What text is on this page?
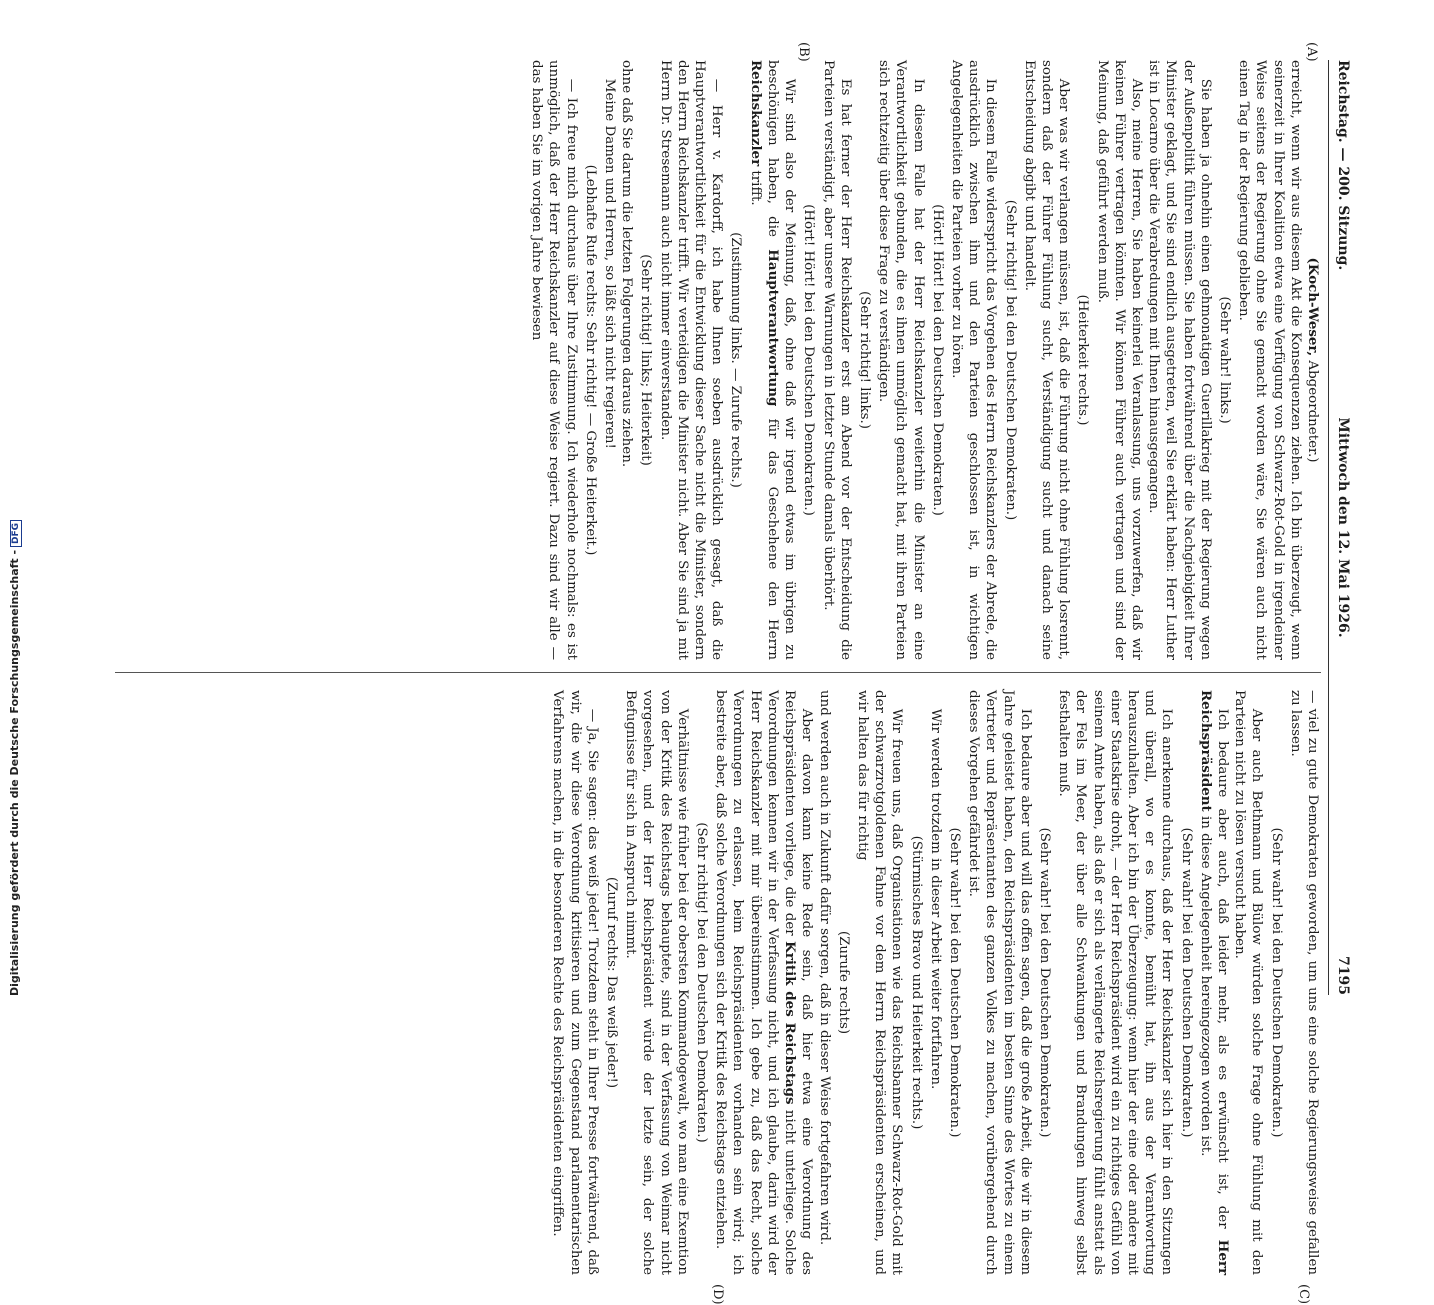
Reichstag. — 200. Sitzung.
Mittwoch den 12. Mai 1926.
7195
(A)
(B)
(C)
(D)

(Koch-Weser, Abgeordneter.)

erreicht, wenn wir aus diesem Akt die Konsequenzen ziehen. Ich bin überzeugt, wenn seinerzeit in Ihrer Koalition etwa eine Verfügung von Schwarz-Rot-Gold in irgendeiner Weise seitens der Regierung ohne Sie gemacht worden wäre, Sie wären auch nicht einen Tag in der Regierung geblieben.

(Sehr wahr! links.)

Sie haben ja ohnehin einen gehmonatigen Guerillakrieg mit der Regierung wegen der Außenpolitik führen müssen. Sie haben fortwährend über die Nachgiebigkeit Ihrer Minister geklagt, und Sie sind endlich ausgetreten, weil Sie erklärt haben: Herr Luther ist in Locarno über die Verabredungen mit Ihnen hinausgegangen.

Also, meine Herren, Sie haben keinerlei Veranlassung, uns vorzuwerfen, daß wir keinen Führer vertragen könnten. Wir können Führer auch vertragen und sind der Meinung, daß geführt werden muß.

(Heiterkeit rechts.)

Aber was wir verlangen müssen, ist, daß die Führung nicht ohne Fühlung losrennt, sondern daß der Führer Fühlung sucht, Verständigung sucht und danach seine Entscheidung abgibt und handelt.

(Sehr richtig! bei den Deutschen Demokraten.)

In diesem Falle widerspricht das Vorgehen des Herrn Reichskanzlers der Abrede, die ausdrücklich zwischen ihm und den Parteien geschlossen ist, in wichtigen Angelegenheiten die Parteien vorher zu hören.

(Hört! Hört! bei den Deutschen Demokraten.)

In diesem Falle hat der Herr Reichskanzler weiterhin die Minister an eine Verantwortlichkeit gebunden, die es ihnen unmöglich gemacht hat, mit ihren Parteien sich rechtzeitig über diese Frage zu verständigen.

(Sehr richtig! links.)

Es hat ferner der Herr Reichskanzler erst am Abend vor der Entscheidung die Parteien verständigt, aber unsere Warnungen in letzter Stunde damals überhört.

(Hört! Hört! bei den Deutschen Demokraten.)

Wir sind also der Meinung, daß, ohne daß wir irgend etwas im übrigen zu beschönigen haben, die Hauptverantwortung für das Geschehene den Herrn Reichskanzler trifft.

(Zustimmung links. — Zurufe rechts.)

— Herr v. Kardorff, ich habe Ihnen soeben ausdrücklich gesagt, daß die Hauptverantwortlichkeit für die Entwicklung dieser Sache nicht die Minister, sondern den Herrn Reichskanzler trifft. Wir verteidigen die Minister nicht. Aber Sie sind ja mit Herrn Dr. Stresemann auch nicht immer einverstanden.

(Sehr richtig! links; Heiterkeit)

ohne daß Sie darum die letzten Folgerungen daraus ziehen.

Meine Damen und Herren, so läßt sich nicht regieren!

(Lebhafte Rufe rechts: Sehr richtig! — Große Heiterkeit.)

— Ich freue mich durchaus über Ihre Zustimmung. Ich wiederhole nochmals: es ist unmöglich, daß der Herr Reichskanzler auf diese Weise regiert. Dazu sind wir alle — das haben Sie im vorigen Jahre bewiesen

— viel zu gute Demokraten geworden, um uns eine solche Regierungsweise gefallen zu lassen.

(Sehr wahr! bei den Deutschen Demokraten.)

Aber auch Bethmann und Bülow würden solche Frage ohne Fühlung mit den Parteien nicht zu lösen versucht haben.

Ich bedaure aber auch, daß leider mehr, als es erwünscht ist, der Herr Reichspräsident in diese Angelegenheit hereingezogen worden ist.

(Sehr wahr! bei den Deutschen Demokraten.)

Ich anerkenne durchaus, daß der Herr Reichskanzler sich hier in den Sitzungen und überall, wo er es konnte, bemüht hat, ihn aus der Verantwortung herauszuhalten. Aber ich bin der Überzeugung: wenn hier der eine oder andere mit einer Staatskrise droht, — der Herr Reichspräsident wird ein zu richtiges Gefühl von seinem Amte haben, als daß er sich als verlängerte Reichsregierung fühlt anstatt als der Fels im Meer, der über alle Schwankungen und Brandungen hinweg selbst festhalten muß.

(Sehr wahr! bei den Deutschen Demokraten.)

Ich bedaure aber und will das offen sagen, daß die große Arbeit, die wir in diesem Jahre geleistet haben, den Reichspräsidenten im besten Sinne des Wortes zu einem Vertreter und Repräsentanten des ganzen Volkes zu machen, vorübergehend durch dieses Vorgehen gefährdet ist.

(Sehr wahr! bei den Deutschen Demokraten.)

Wir werden trotzdem in dieser Arbeit weiter fortfahren.

(Stürmisches Bravo und Heiterkeit rechts.)

Wir freuen uns, daß Organisationen wie das Reichsbanner Schwarz-Rot-Gold mit der schwarzrotgoldenen Fahne vor dem Herrn Reichspräsidenten erscheinen, und wir halten das für richtig

(Zurufe rechts)

und werden auch in Zukunft dafür sorgen, daß in dieser Weise fortgefahren wird.

Aber davon kann keine Rede sein, daß hier etwa eine Verordnung des Reichspräsidenten vorliege, die der Kritik des Reichstags nicht unterliege. Solche Verordnungen kennen wir in der Verfassung nicht, und ich glaube, darin wird der Herr Reichskanzler mit mir übereinstimmen. Ich gebe zu, daß das Recht, solche Verordnungen zu erlassen, beim Reichspräsidenten vorhanden sein wird; ich bestreite aber, daß solche Verordnungen sich der Kritik des Reichstags entziehen.

(Sehr richtig! bei den Deutschen Demokraten.)

Verhältnisse wie früher bei der obersten Kommandogewalt, wo man eine Exemtion von der Kritik des Reichstags behauptete, sind in der Verfassung von Weimar nicht vorgesehen, und der Herr Reichspräsident würde der letzte sein, der solche Befugnisse für sich in Anspruch nimmt.

(Zuruf rechts: Das weiß jeder!)

— Ja, Sie sagen: das weiß jeder! Trotzdem steht in Ihrer Presse fortwährend, daß wir, die wir diese Verordnung kritisieren und zum Gegenstand parlamentarischen Verfahrens machen, in die besonderen Rechte des Reichspräsidenten eingriffen.

Digitalisierung gefördert durch die Deutsche Forschungsgemeinschaft -DFG
